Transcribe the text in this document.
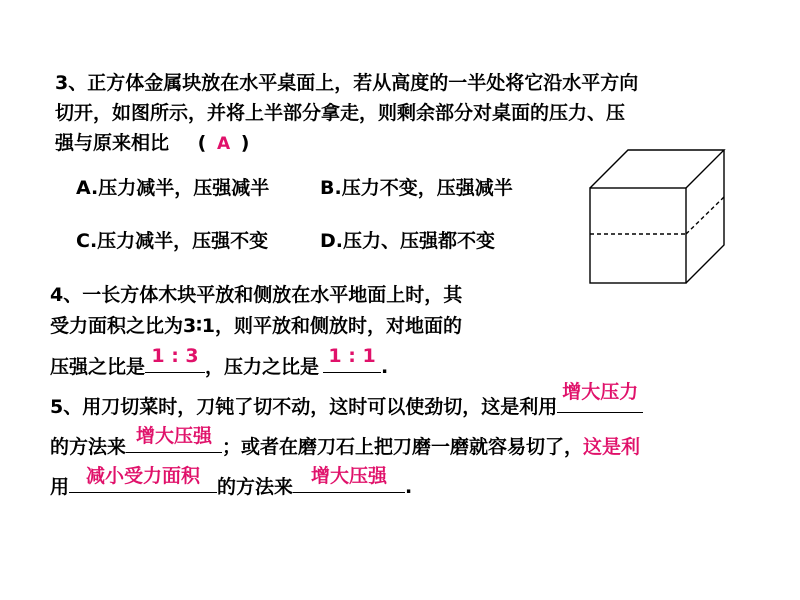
3、正方体金属块放在水平桌面上，若从高度的一半处将它沿水平方向
切开，如图所示，并将上半部分拿走，则剩余部分对桌面的压力、压
强与原来相比 ( A )
A.压力减半，压强减半	B.压力不变，压强减半
C.压力减半，压强不变	D.压力、压强都不变
4、一长方体木块平放和侧放在水平地面上时，其
受力面积之比为3∶1，则平放和侧放时，对地面的
压强之比是 1 : 3 ，压力之比是 1 : 1 .
5、用刀切菜时，刀钝了切不动，这时可以使劲切，这是利用
增大压力
的方法来 增大压强 ；或者在磨刀石上把刀磨一磨就容易切了，这是利
用 减小受力面积 的方法来 增大压强 .
